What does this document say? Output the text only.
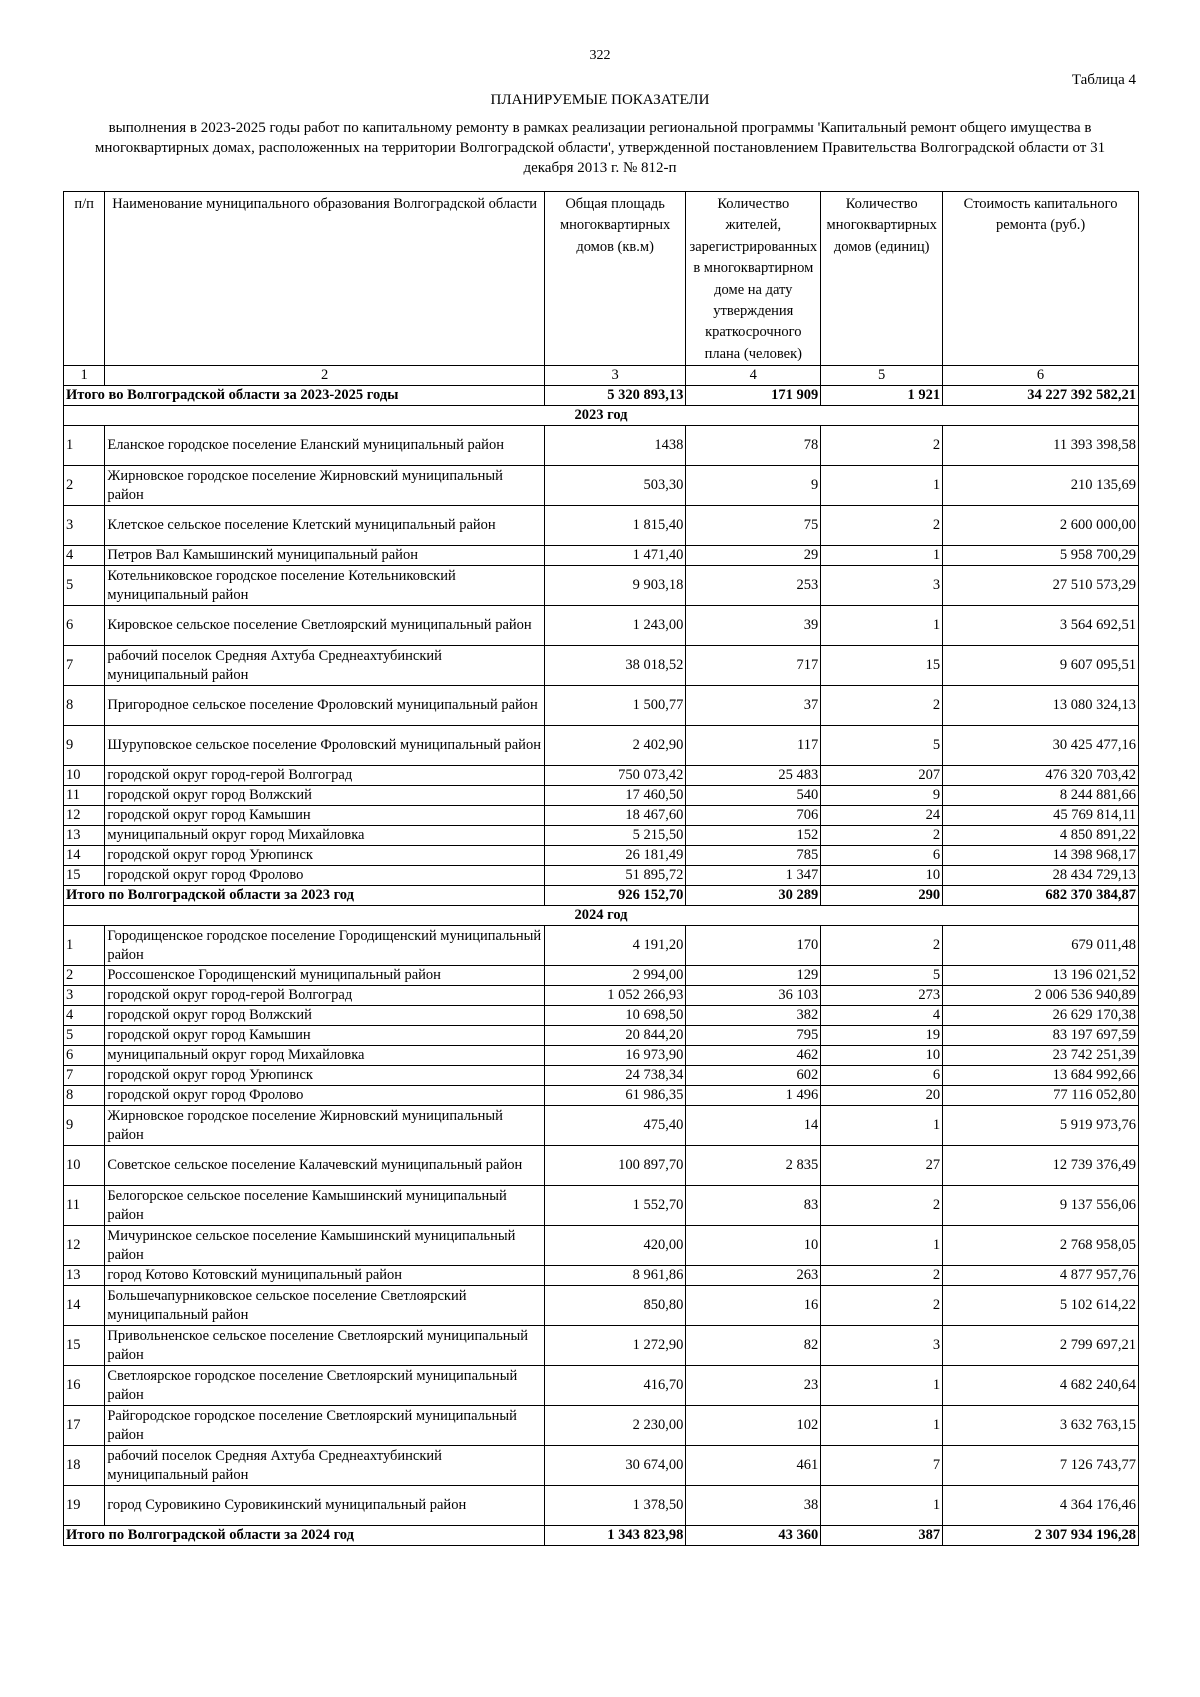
322
Таблица 4
ПЛАНИРУЕМЫЕ ПОКАЗАТЕЛИ
выполнения в 2023-2025 годы работ по капитальному ремонту в рамках реализации региональной программы 'Капитальный ремонт общего имущества в многоквартирных домах, расположенных на территории Волгоградской области', утвержденной постановлением Правительства Волгоградской области от 31 декабря 2013 г. № 812-п
п/п	Наименование муниципального образования Волгоградской области	Общая площадь многоквартирных домов (кв.м)	Количество жителей, зарегистрированных в многоквартирном доме на дату утверждения краткосрочного плана (человек)	Количество многоквартирных домов (единиц)	Стоимость капитального ремонта (руб.)
1	2	3	4	5	6
Итого во Волгоградской области за 2023-2025 годы		5 320 893,13	171 909	1 921	34 227 392 582,21
2023 год					
1	Еланское городское поселение Еланский муниципальный район	1438	78	2	11 393 398,58
2	Жирновское городское поселение Жирновский муниципальный район	503,30	9	1	210 135,69
3	Клетское сельское поселение Клетский муниципальный район	1 815,40	75	2	2 600 000,00
4	Петров Вал Камышинский муниципальный район	1 471,40	29	1	5 958 700,29
5	Котельниковское городское поселение Котельниковский муниципальный район	9 903,18	253	3	27 510 573,29
6	Кировское сельское поселение Светлоярский муниципальный район	1 243,00	39	1	3 564 692,51
7	рабочий поселок Средняя Ахтуба Среднеахтубинский муниципальный район	38 018,52	717	15	9 607 095,51
8	Пригородное сельское поселение Фроловский муниципальный район	1 500,77	37	2	13 080 324,13
9	Шуруповское сельское поселение Фроловский муниципальный район	2 402,90	117	5	30 425 477,16
10	городской округ город-герой Волгоград	750 073,42	25 483	207	476 320 703,42
11	городской округ город Волжский	17 460,50	540	9	8 244 881,66
12	городской округ город Камышин	18 467,60	706	24	45 769 814,11
13	муниципальный округ город Михайловка	5 215,50	152	2	4 850 891,22
14	городской округ город Урюпинск	26 181,49	785	6	14 398 968,17
15	городской округ город Фролово	51 895,72	1 347	10	28 434 729,13
Итого по Волгоградской области за 2023 год		926 152,70	30 289	290	682 370 384,87
2024 год					
1	Городищенское городское поселение Городищенский муниципальный район	4 191,20	170	2	679 011,48
2	Россошенское Городищенский муниципальный район	2 994,00	129	5	13 196 021,52
3	городской округ город-герой Волгоград	1 052 266,93	36 103	273	2 006 536 940,89
4	городской округ город Волжский	10 698,50	382	4	26 629 170,38
5	городской округ город Камышин	20 844,20	795	19	83 197 697,59
6	муниципальный округ город Михайловка	16 973,90	462	10	23 742 251,39
7	городской округ город Урюпинск	24 738,34	602	6	13 684 992,66
8	городской округ город Фролово	61 986,35	1 496	20	77 116 052,80
9	Жирновское городское поселение Жирновский муниципальный район	475,40	14	1	5 919 973,76
10	Советское сельское поселение Калачевский муниципальный район	100 897,70	2 835	27	12 739 376,49
11	Белогорское сельское поселение Камышинский муниципальный район	1 552,70	83	2	9 137 556,06
12	Мичуринское сельское поселение Камышинский муниципальный район	420,00	10	1	2 768 958,05
13	город Котово Котовский муниципальный район	8 961,86	263	2	4 877 957,76
14	Большечапурниковское сельское поселение Светлоярский муниципальный район	850,80	16	2	5 102 614,22
15	Привольненское сельское поселение Светлоярский муниципальный район	1 272,90	82	3	2 799 697,21
16	Светлоярское городское поселение Светлоярский муниципальный район	416,70	23	1	4 682 240,64
17	Райгородское городское поселение Светлоярский муниципальный район	2 230,00	102	1	3 632 763,15
18	рабочий поселок Средняя Ахтуба Среднеахтубинский муниципальный район	30 674,00	461	7	7 126 743,77
19	город Суровикино Суровикинский муниципальный район	1 378,50	38	1	4 364 176,46
Итого по Волгоградской области за 2024 год		1 343 823,98	43 360	387	2 307 934 196,28
